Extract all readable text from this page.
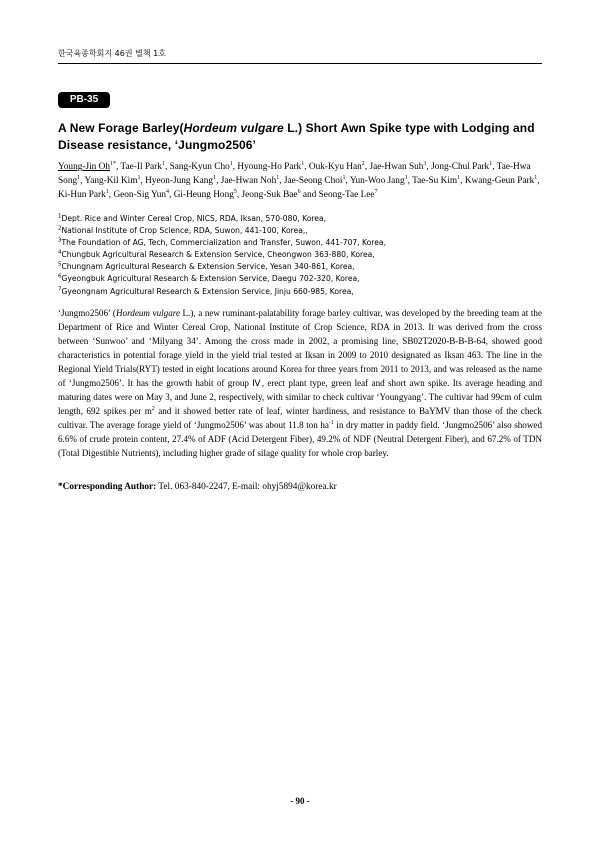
한국육종학회지 46권 별책 1호
PB-35
A New Forage Barley(Hordeum vulgare L.) Short Awn Spike type with Lodging and Disease resistance, ‘Jungmo2506’

Young-Jin $Oh^{1*}$, Tae-Il Park$^1$, Sang-Kyun Cho$^1$, Hyoung-Ho Park$^1$, Ouk-Kyu Han$^2$, Jae-Hwan Suh$^3$, Jong-Chul Park$^1$, Tae-Hwa Song$^1$, Yang-Kil Kim$^1$, Hyeon-Jung Kang$^1$, Jae-Hwan Noh$^1$, Jae-Seong Choi$^1$, Yun-Woo Jang$^1$, Tae-Su Kim$^1$, Kwang-Geun Park$^1$, Ki-Hun Park$^1$, Geon-Sig Yun$^4$, Gi-Heung Hong$^5$, Jeong-Suk Bae$^6$ and Seong-Tae Lee$^7$

$^1$Dept. Rice and Winter Cereal Crop, NICS, RDA, Iksan, 570-080, Korea,
$^2$National Institute of Crop Science, RDA, Suwon, 441-100, Korea,,
$^3$The Foundation of AG, Tech, Commercialization and Transfer, Suwon, 441-707, Korea,
$^4$Chungbuk Agricultural Research & Extension Service, Cheongwon 363-880, Korea,
$^5$Chungnam Agricultural Research & Extension Service, Yesan 340-861, Korea,
$^6$Gyeongbuk Agricultural Research & Extension Service, Daegu 702-320, Korea,
$^7$Gyeongnam Agricultural Research & Extension Service, Jinju 660-985, Korea,

‘Jungmo2506’ (Hordeum vulgare L.), a new ruminant-palatability forage barley cultivar, was developed by the breeding team at the Department of Rice and Winter Cereal Crop, National Institute of Crop Science, RDA in 2013. It was derived from the cross between ‘Sunwoo’ and ‘Milyang 34’. Among the cross made in 2002, a promising line, SB02T2020-B-B-B-64, showed good characteristics in potential forage yield in the yield trial tested at Iksan in 2009 to 2010 designated as Iksan 463. The line in the Regional Yield Trials(RYT) tested in eight locations around Korea for three years from 2011 to 2013, and was released as the name of ‘Jungmo2506’. It has the growth habit of group Ⅳ, erect plant type, green leaf and short awn spike. Its average heading and maturing dates were on May 3, and June 2, respectively, with similar to check cultivar ‘Youngyang’. The cultivar had 99cm of culm length, 692 spikes per $m^2$ and it showed better rate of leaf, winter hardiness, and resistance to BaYMV than those of the check cultivar. The average forage yield of ‘Jungmo2506’ was about 11.8 ton $ha^{-1}$ in dry matter in paddy field. ‘Jungmo2506’ also showed 6.6% of crude protein content, 27.4% of ADF (Acid Detergent Fiber), 49.2% of NDF (Neutral Detergent Fiber), and 67.2% of TDN (Total Digestible Nutrients), including higher grade of silage quality for whole crop barley.

*Corresponding Author: Tel. 063-840-2247, E-mail: ohyj5894@korea.kr

- 90 -
